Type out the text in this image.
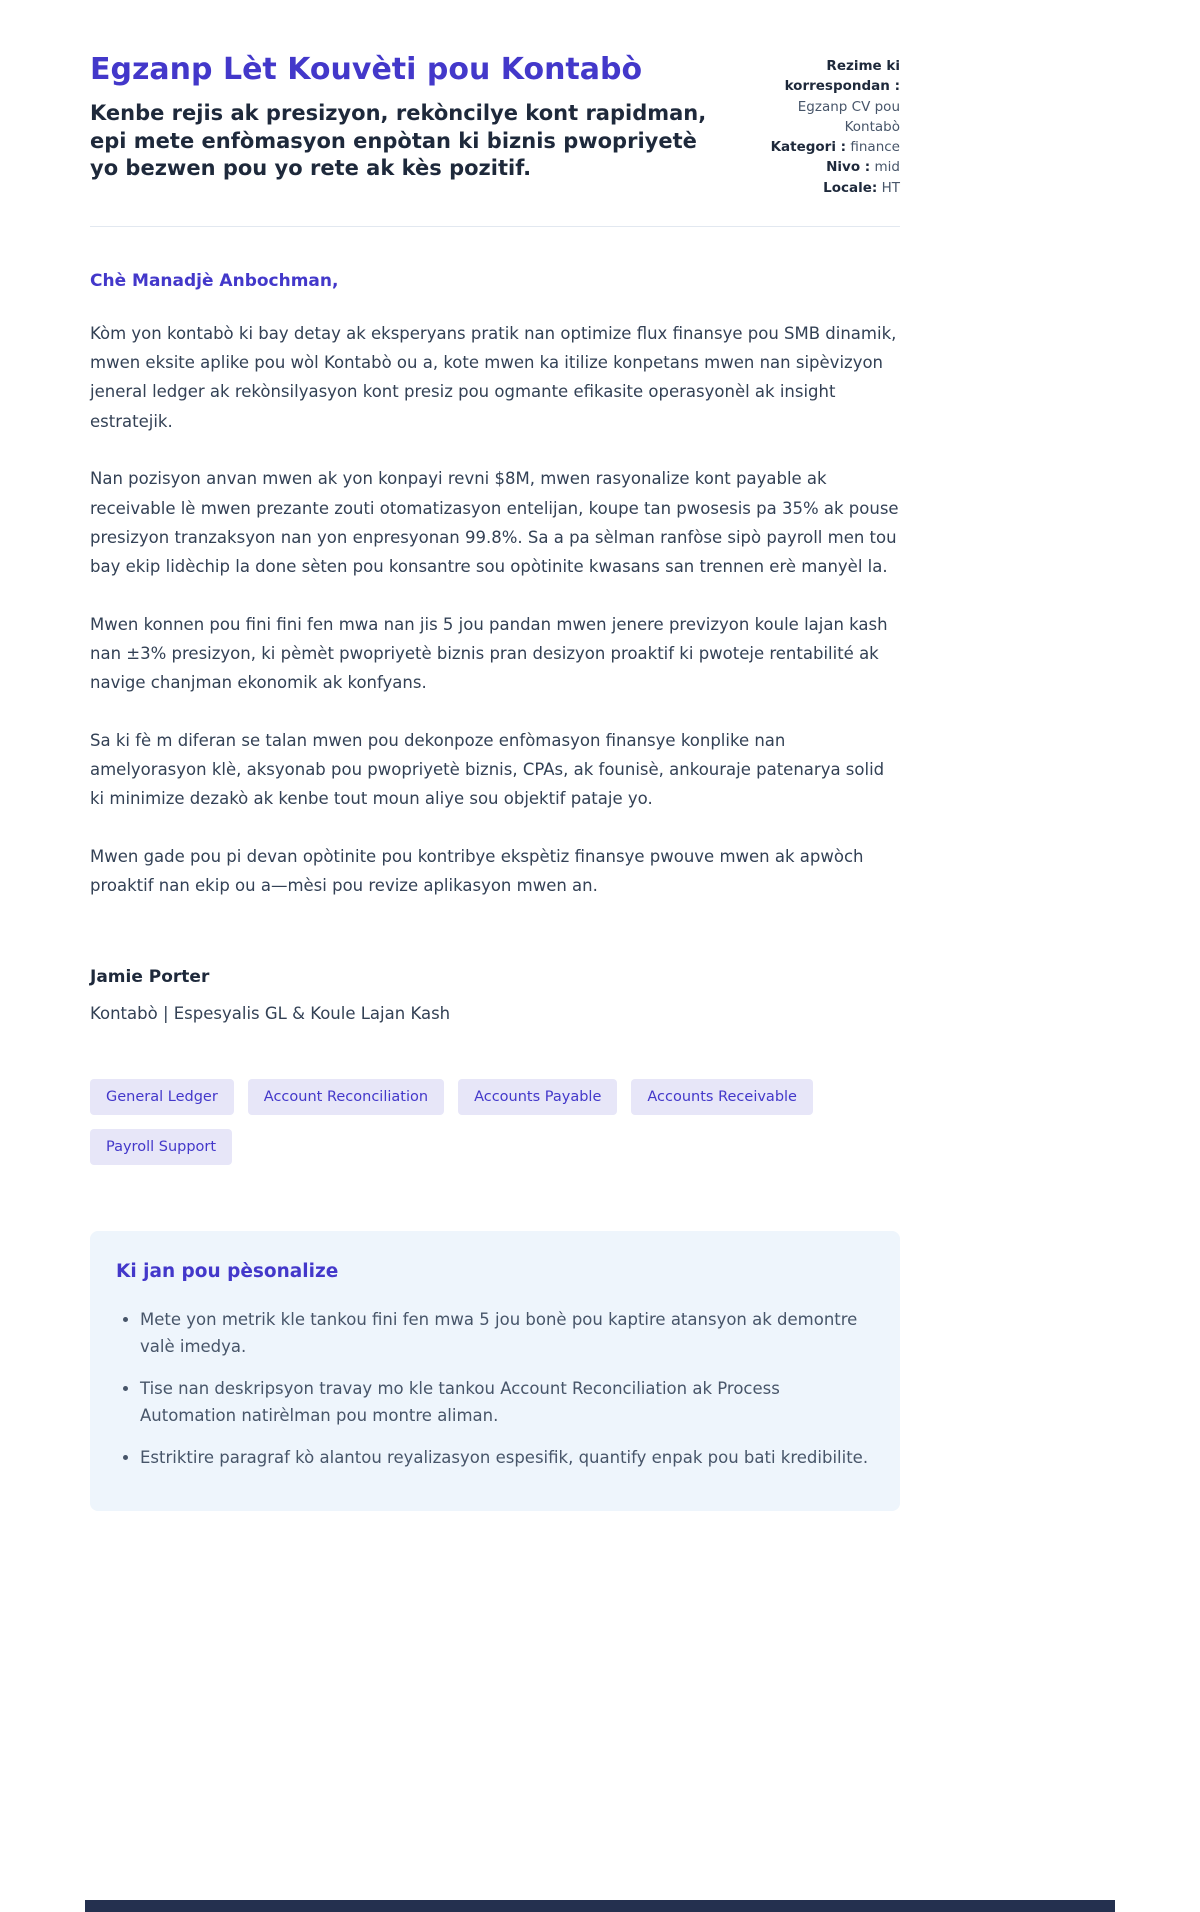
Egzanp Lèt Kouvèti pou Kontabò
Kenbe rejis ak presizyon, rekòncilye kont rapidman, epi mete enfòmasyon enpòtan ki biznis pwopriyetè yo bezwen pou yo rete ak kès pozitif.
Rezime ki korrespondan : Egzanp CV pou Kontabò
Kategori : finance
Nivo : mid
Locale: HT

Chè Manadjè Anbochman,

Kòm yon kontabò ki bay detay ak eksperyans pratik nan optimize flux finansye pou SMB dinamik, mwen eksite aplike pou wòl Kontabò ou a, kote mwen ka itilize konpetans mwen nan sipèvizyon jeneral ledger ak rekònsilyasyon kont presiz pou ogmante efikasite operasyonèl ak insight estratejik.

Nan pozisyon anvan mwen ak yon konpayi revni $8M, mwen rasyonalize kont payable ak receivable lè mwen prezante zouti otomatizasyon entelijan, koupe tan pwosesis pa 35% ak pouse presizyon tranzaksyon nan yon enpresyonan 99.8%. Sa a pa sèlman ranfòse sipò payroll men tou bay ekip lidèchip la done sèten pou konsantre sou opòtinite kwasans san trennen erè manyèl la.

Mwen konnen pou fini fini fen mwa nan jis 5 jou pandan mwen jenere previzyon koule lajan kash nan ±3% presizyon, ki pèmèt pwopriyetè biznis pran desizyon proaktif ki pwoteje rentabilité ak navige chanjman ekonomik ak konfyans.

Sa ki fè m diferan se talan mwen pou dekonpoze enfòmasyon finansye konplike nan amelyorasyon klè, aksyonab pou pwopriyetè biznis, CPAs, ak founisè, ankouraje patenarya solid ki minimize dezakò ak kenbe tout moun aliye sou objektif pataje yo.

Mwen gade pou pi devan opòtinite pou kontribye ekspètiz finansye pwouve mwen ak apwòch proaktif nan ekip ou a—mèsi pou revize aplikasyon mwen an.

Jamie Porter

Kontabò | Espesyalis GL & Koule Lajan Kash

General Ledger	Account Reconciliation	Accounts Payable	Accounts Receivable
Payroll Support

Ki jan pou pèsonalize

• Mete yon metrik kle tankou fini fen mwa 5 jou bonè pou kaptire atansyon ak demontre valè imedya.
• Tise nan deskripsyon travay mo kle tankou Account Reconciliation ak Process Automation natirèlman pou montre aliman.
• Estriktire paragraf kò alantou reyalizasyon espesifik, quantify enpak pou bati kredibilite.
